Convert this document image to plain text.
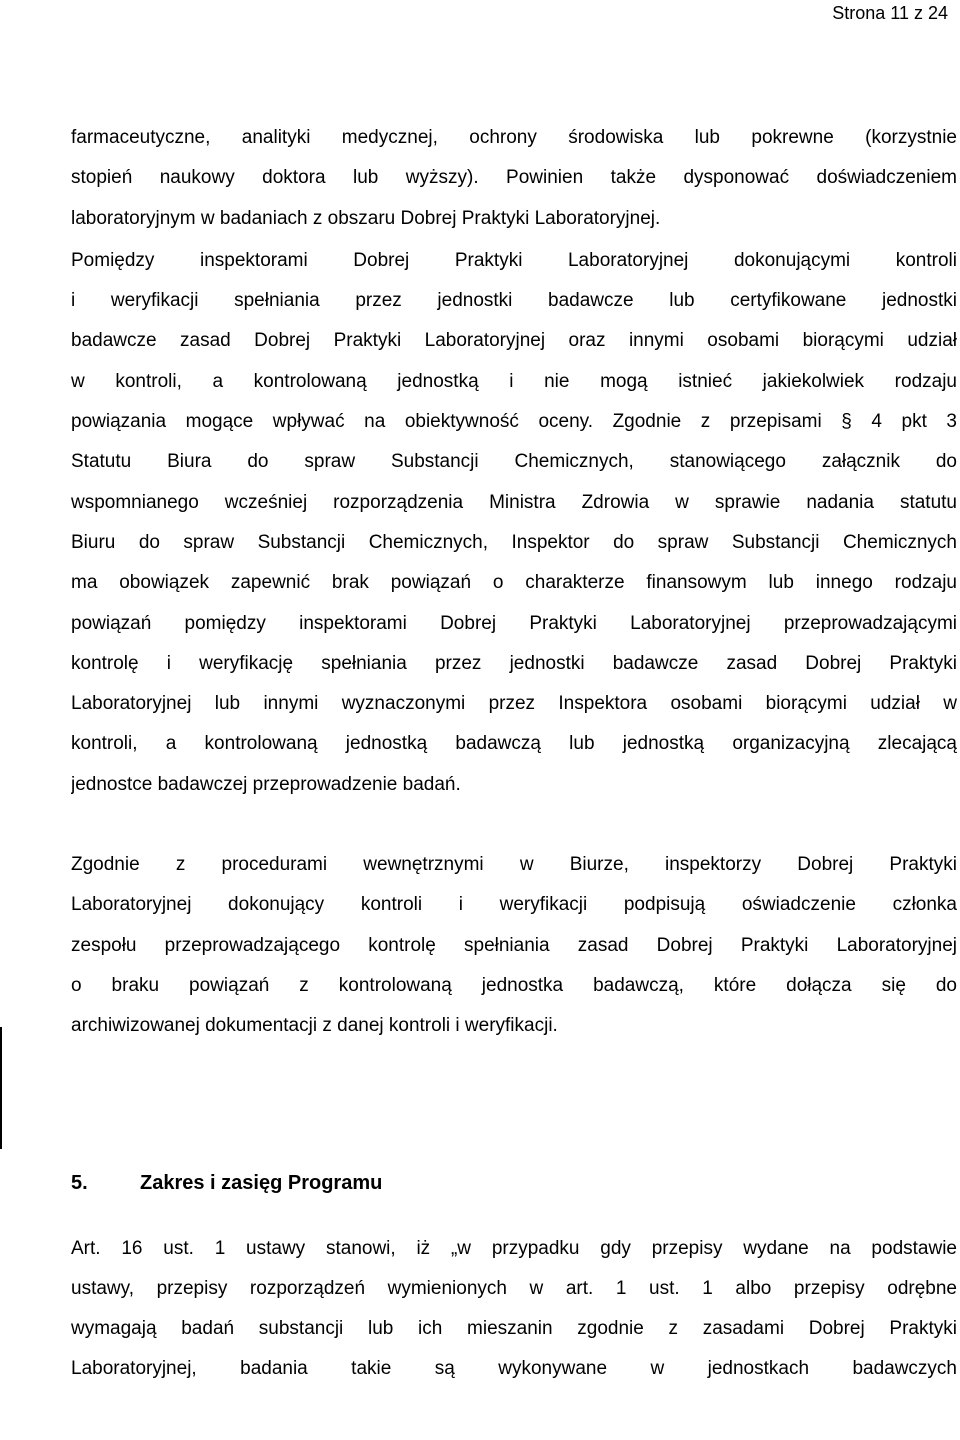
Strona 11 z 24

farmaceutyczne, analityki medycznej, ochrony środowiska lub pokrewne (korzystnie
stopień naukowy doktora lub wyższy). Powinien także dysponować doświadczeniem
laboratoryjnym w badaniach z obszaru Dobrej Praktyki Laboratoryjnej.

Pomiędzy inspektorami Dobrej Praktyki Laboratoryjnej dokonującymi kontroli
i weryfikacji spełniania przez jednostki badawcze lub certyfikowane jednostki
badawcze zasad Dobrej Praktyki Laboratoryjnej oraz innymi osobami biorącymi udział
w kontroli, a kontrolowaną jednostką i nie mogą istnieć jakiekolwiek rodzaju
powiązania mogące wpływać na obiektywność oceny. Zgodnie z przepisami § 4 pkt 3
Statutu Biura do spraw Substancji Chemicznych, stanowiącego załącznik do
wspomnianego wcześniej rozporządzenia Ministra Zdrowia w sprawie nadania statutu
Biuru do spraw Substancji Chemicznych, Inspektor do spraw Substancji Chemicznych
ma obowiązek zapewnić brak powiązań o charakterze finansowym lub innego rodzaju
powiązań pomiędzy inspektorami Dobrej Praktyki Laboratoryjnej przeprowadzającymi
kontrolę i weryfikację spełniania przez jednostki badawcze zasad Dobrej Praktyki
Laboratoryjnej lub innymi wyznaczonymi przez Inspektora osobami biorącymi udział w
kontroli, a kontrolowaną jednostką badawczą lub jednostką organizacyjną zlecającą
jednostce badawczej przeprowadzenie badań.

Zgodnie z procedurami wewnętrznymi w Biurze, inspektorzy Dobrej Praktyki
Laboratoryjnej dokonujący kontroli i weryfikacji podpisują oświadczenie członka
zespołu przeprowadzającego kontrolę spełniania zasad Dobrej Praktyki Laboratoryjnej
o braku powiązań z kontrolowaną jednostka badawczą, które dołącza się do
archiwizowanej dokumentacji z danej kontroli i weryfikacji.

5.	Zakres i zasięg Programu

Art. 16 ust. 1 ustawy stanowi, iż „w przypadku gdy przepisy wydane na podstawie
ustawy, przepisy rozporządzeń wymienionych w art. 1 ust. 1 albo przepisy odrębne
wymagają badań substancji lub ich mieszanin zgodnie z zasadami Dobrej Praktyki
Laboratoryjnej, badania takie są wykonywane w jednostkach badawczych
